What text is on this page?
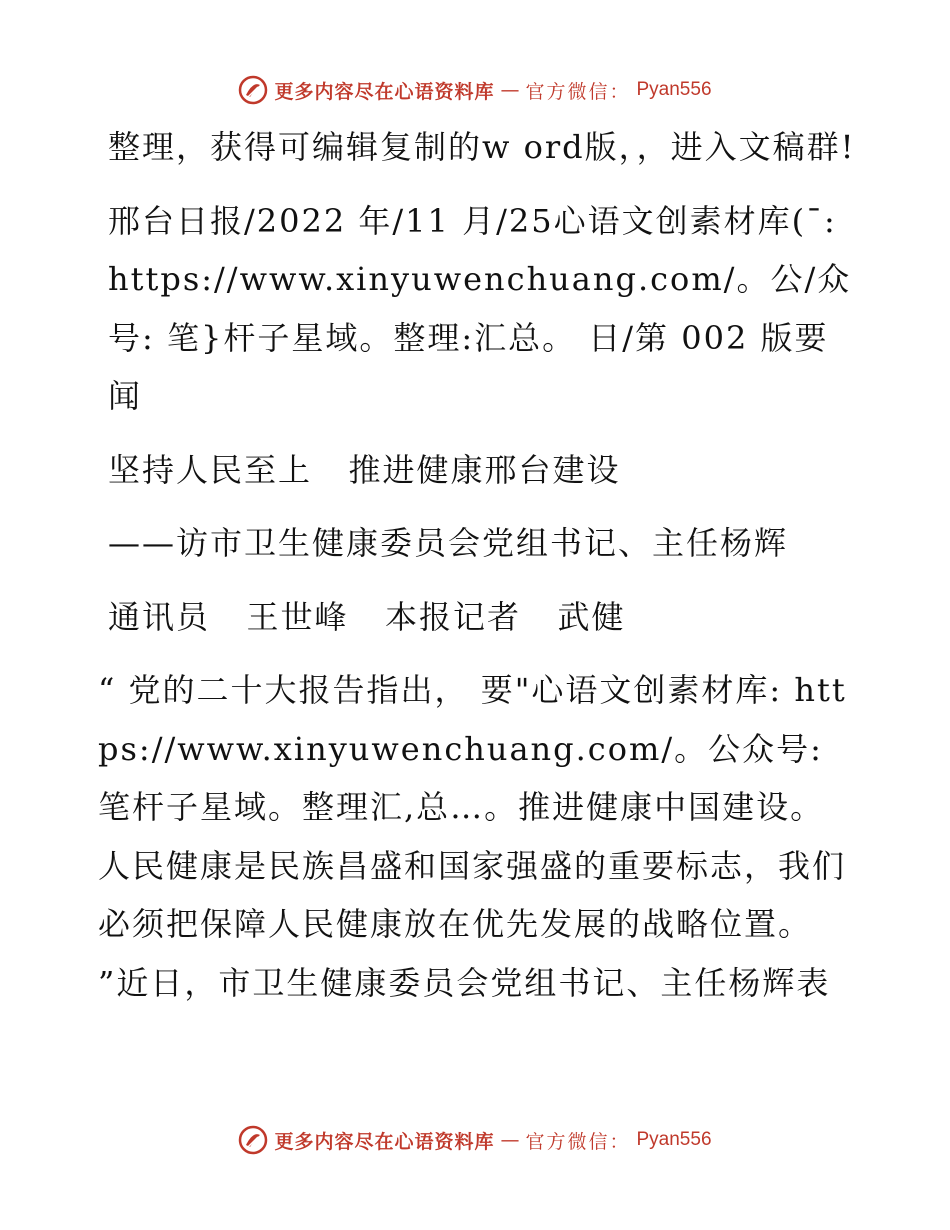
更多内容尽在心语资料库 — 官方微信： Pyan556

整理，获得可编辑复制的w ord版，，进入文稿群!

邢台日报/2022 年/11 月/25心语文创素材库(¯: https://www.xinyuwenchuang.com/。公/众号: 笔}杆子星域。整理:汇总。 日/第 002 版要闻

坚持人民至上   推进健康邢台建设

——访市卫生健康委员会党组书记、主任杨辉

通讯员   王世峰   本报记者   武健

“ 党的二十大报告指出， 要"心语文创素材库: https://www.xinyuwenchuang.com/。公众号: 笔杆子星域。整理汇,总…。推进健康中国建设。 人民健康是民族昌盛和国家强盛的重要标志，我们必须把保障人民健康放在优先发展的战略位置。 ”近日，市卫生健康委员会党组书记、主任杨辉表

更多内容尽在心语资料库 — 官方微信： Pyan556
